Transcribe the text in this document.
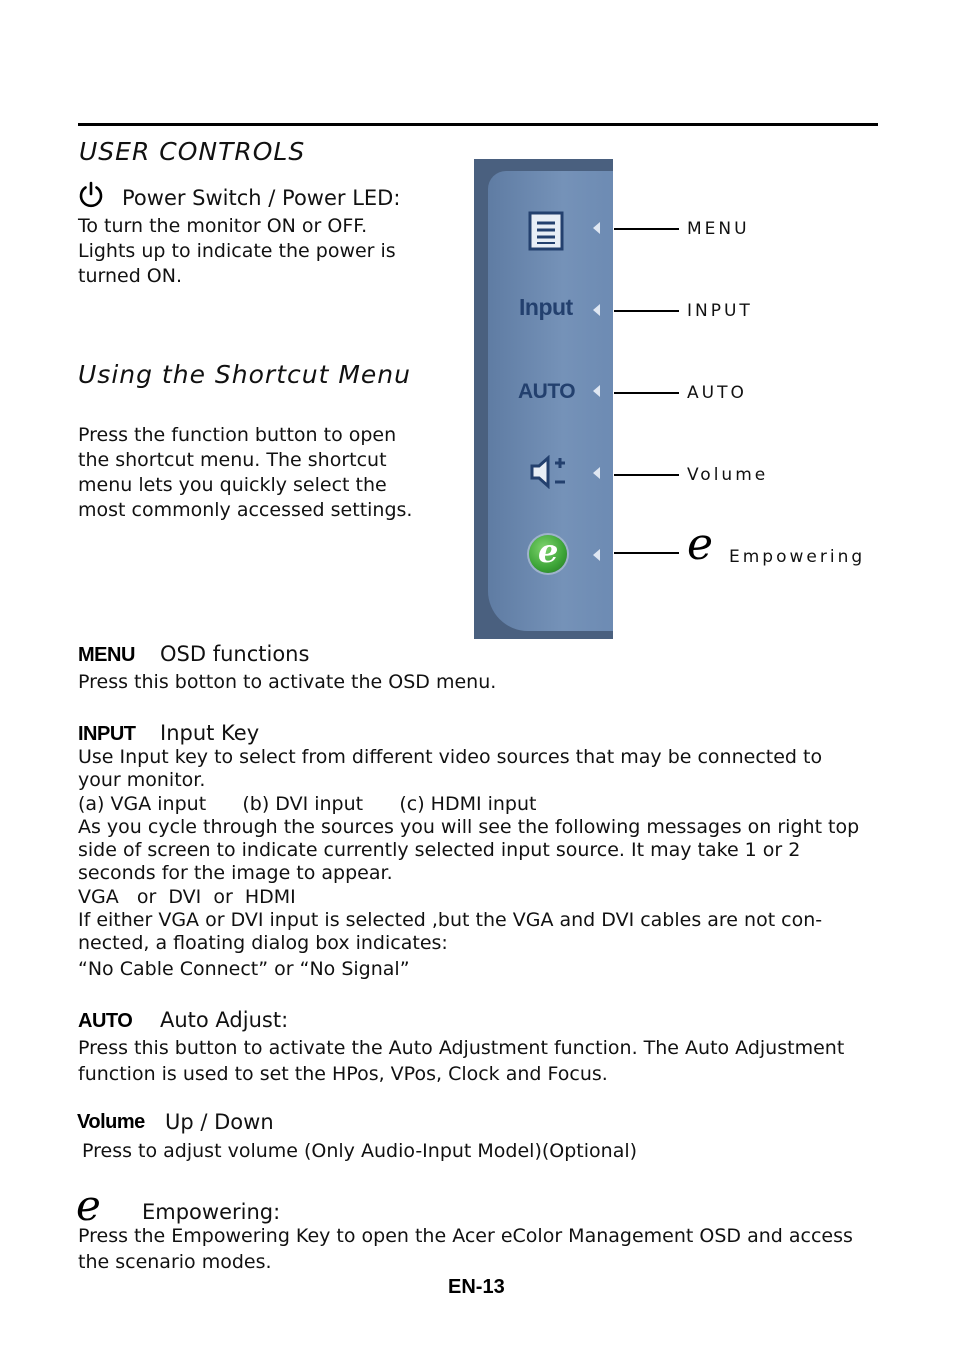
USER CONTROLS
Power Switch / Power LED:
To turn the monitor ON or OFF.
Lights up to indicate the power is
turned ON.
Using the Shortcut Menu
Press the function button to open
the shortcut menu. The shortcut
menu lets you quickly select the
most commonly accessed settings.
Input
AUTO
e
MENU
INPUT
AUTO
Volume
e Empowering
MENU OSD functions
Press this botton to activate the OSD menu.
INPUT Input Key
Use Input key to select from different video sources that may be connected to
your monitor.
(a) VGA input      (b) DVI input      (c) HDMI input
As you cycle through the sources you will see the following messages on right top
side of screen to indicate currently selected input source. It may take 1 or 2
seconds for the image to appear.
VGA   or  DVI  or  HDMI
If either VGA or DVI input is selected ,but the VGA and DVI cables are not con-
nected, a floating dialog box indicates:
“No Cable Connect” or “No Signal”
AUTO Auto Adjust:
Press this button to activate the Auto Adjustment function. The Auto Adjustment
function is used to set the HPos, VPos, Clock and Focus.
Volume Up / Down
Press to adjust volume (Only Audio-Input Model)(Optional)
e Empowering:
Press the Empowering Key to open the Acer eColor Management OSD and access
the scenario modes.
EN-13
